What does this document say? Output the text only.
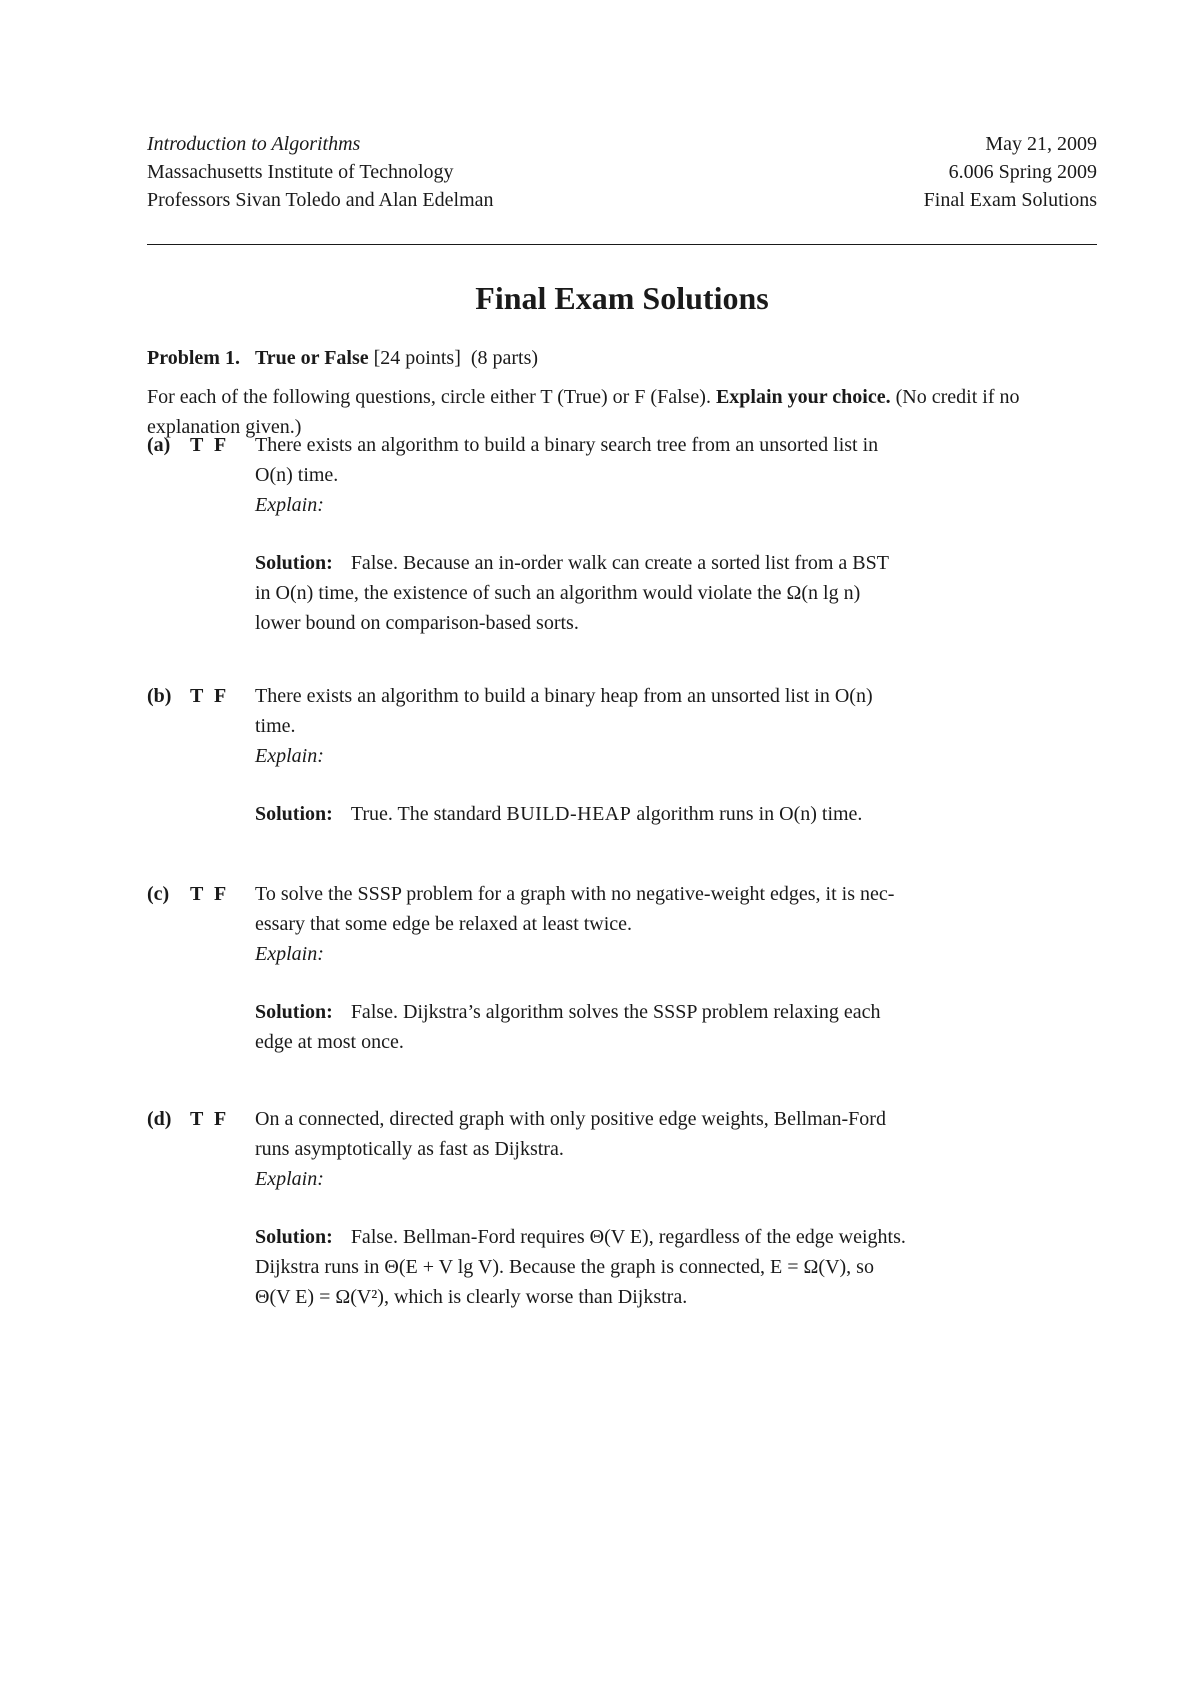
Introduction to Algorithms	May 21, 2009
Massachusetts Institute of Technology	6.006 Spring 2009
Professors Sivan Toledo and Alan Edelman	Final Exam Solutions
Final Exam Solutions
Problem 1. True or False [24 points] (8 parts)
For each of the following questions, circle either T (True) or F (False). Explain your choice. (No credit if no explanation given.)
(a) T F There exists an algorithm to build a binary search tree from an unsorted list in
O(n) time.
Explain:
Solution: False. Because an in-order walk can create a sorted list from a BST
in O(n) time, the existence of such an algorithm would violate the Ω(n lg n)
lower bound on comparison-based sorts.
(b) T F There exists an algorithm to build a binary heap from an unsorted list in O(n)
time.
Explain:
Solution: True. The standard BUILD-HEAP algorithm runs in O(n) time.
(c) T F To solve the SSSP problem for a graph with no negative-weight edges, it is nec-
essary that some edge be relaxed at least twice.
Explain:
Solution: False. Dijkstra’s algorithm solves the SSSP problem relaxing each
edge at most once.
(d) T F On a connected, directed graph with only positive edge weights, Bellman-Ford
runs asymptotically as fast as Dijkstra.
Explain:
Solution: False. Bellman-Ford requires Θ(V E), regardless of the edge weights.
Dijkstra runs in Θ(E + V lg V). Because the graph is connected, E = Ω(V), so
Θ(V E) = Ω(V²), which is clearly worse than Dijkstra.
